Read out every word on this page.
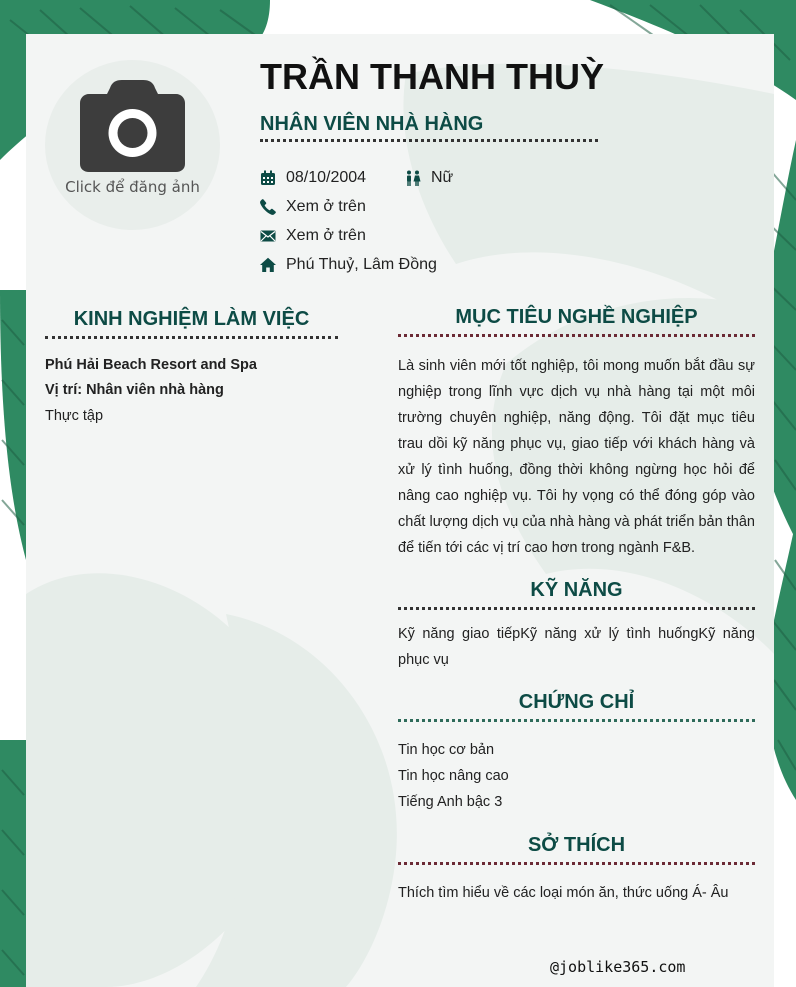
Click để đăng ảnh
TRẦN THANH THUỲ
NHÂN VIÊN NHÀ HÀNG
08/10/2004	Nữ
Xem ở trên
Xem ở trên
Phú Thuỷ, Lâm Đồng
KINH NGHIỆM LÀM VIỆC
Phú Hải Beach Resort and Spa
Vị trí: Nhân viên nhà hàng
Thực tập
MỤC TIÊU NGHỀ NGHIỆP

Là sinh viên mới tốt nghiệp, tôi mong muốn bắt đầu sự nghiệp trong lĩnh vực dịch vụ nhà hàng tại một môi trường chuyên nghiệp, năng động. Tôi đặt mục tiêu trau dồi kỹ năng phục vụ, giao tiếp với khách hàng và xử lý tình huống, đồng thời không ngừng học hỏi để nâng cao nghiệp vụ. Tôi hy vọng có thể đóng góp vào chất lượng dịch vụ của nhà hàng và phát triển bản thân để tiến tới các vị trí cao hơn trong ngành F&B.

KỸ NĂNG

Kỹ năng giao tiếpKỹ năng xử lý tình huốngKỹ năng phục vụ

CHỨNG CHỈ
Tin học cơ bản
Tin học nâng cao
Tiếng Anh bậc 3
SỞ THÍCH
Thích tìm hiểu về các loại món ăn, thức uống Á- Âu
@joblike365.com
